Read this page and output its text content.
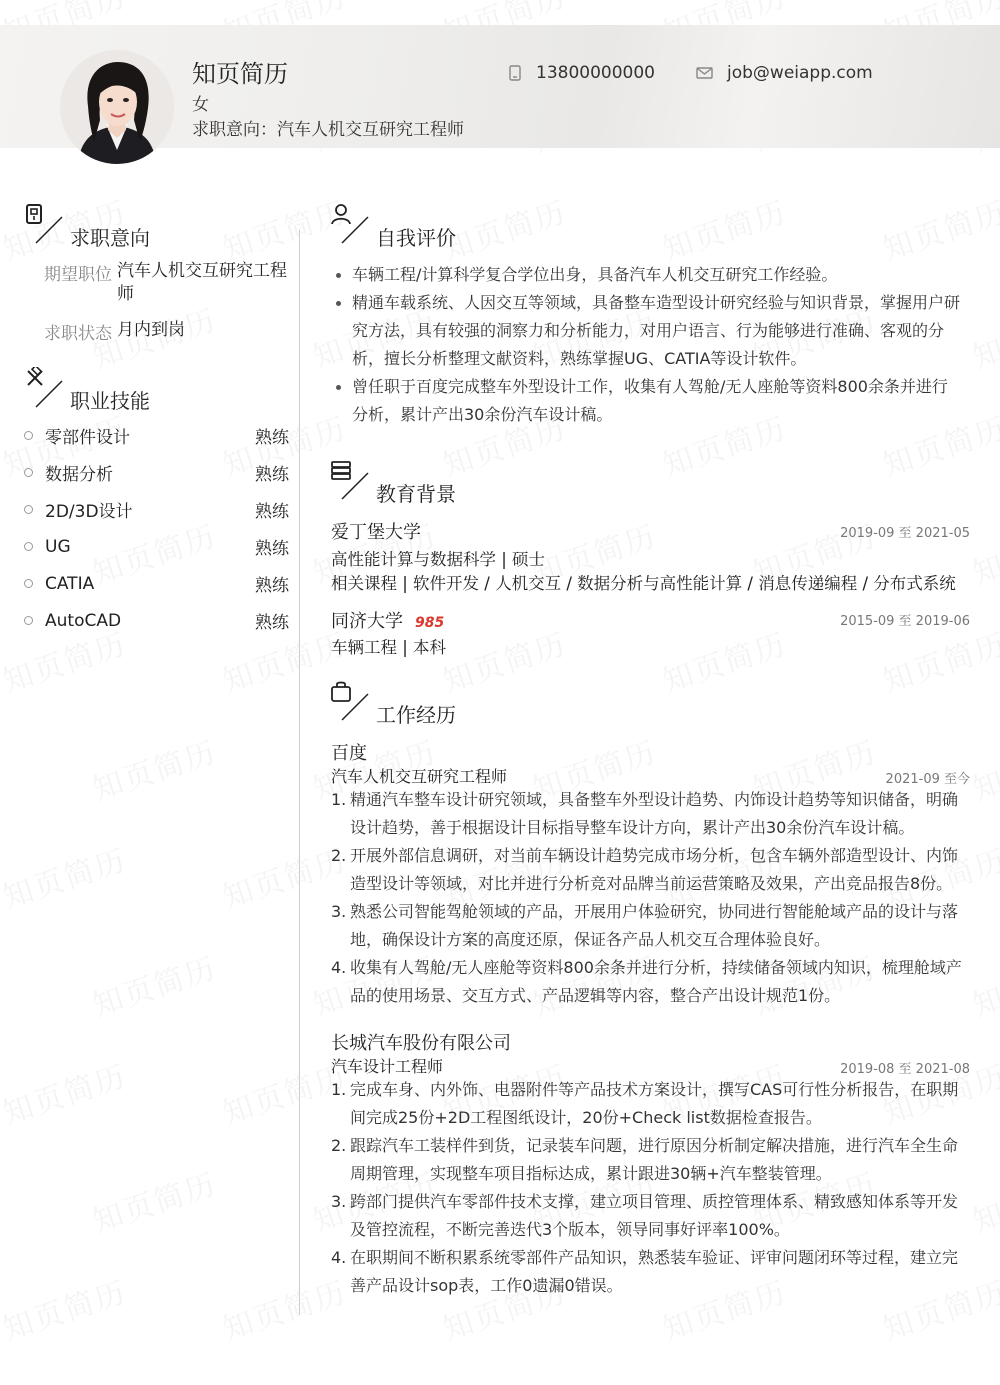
知页简历
女
求职意向：汽车人机交互研究工程师
13800000000	job@weiapp.com
求职意向
期望职位 汽车人机交互研究工程师
求职状态 月内到岗
职业技能
零部件设计	熟练
数据分析	熟练
2D/3D设计	熟练
UG	熟练
CATIA	熟练
AutoCAD	熟练
自我评价
车辆工程/计算科学复合学位出身，具备汽车人机交互研究工作经验。
精通车载系统、人因交互等领域，具备整车造型设计研究经验与知识背景，掌握用户研究方法，具有较强的洞察力和分析能力，对用户语言、行为能够进行准确、客观的分析，擅长分析整理文献资料，熟练掌握UG、CATIA等设计软件。
曾任职于百度完成整车外型设计工作，收集有人驾舱/无人座舱等资料800余条并进行分析，累计产出30余份汽车设计稿。
教育背景
爱丁堡大学	2019-09 至 2021-05
高性能计算与数据科学 | 硕士
相关课程 | 软件开发 / 人机交互 / 数据分析与高性能计算 / 消息传递编程 / 分布式系统
同济大学 985	2015-09 至 2019-06
车辆工程 | 本科
工作经历
百度
汽车人机交互研究工程师	2021-09 至今
1. 精通汽车整车设计研究领域，具备整车外型设计趋势、内饰设计趋势等知识储备，明确设计趋势，善于根据设计目标指导整车设计方向，累计产出30余份汽车设计稿。
2. 开展外部信息调研，对当前车辆设计趋势完成市场分析，包含车辆外部造型设计、内饰造型设计等领域，对比并进行分析竞对品牌当前运营策略及效果，产出竞品报告8份。
3. 熟悉公司智能驾舱领域的产品，开展用户体验研究，协同进行智能舱域产品的设计与落地，确保设计方案的高度还原，保证各产品人机交互合理体验良好。
4. 收集有人驾舱/无人座舱等资料800余条并进行分析，持续储备领域内知识，梳理舱域产品的使用场景、交互方式、产品逻辑等内容，整合产出设计规范1份。
长城汽车股份有限公司
汽车设计工程师	2019-08 至 2021-08
1. 完成车身、内外饰、电器附件等产品技术方案设计，撰写CAS可行性分析报告，在职期间完成25份+2D工程图纸设计，20份+Check list数据检查报告。
2. 跟踪汽车工装样件到货，记录装车问题，进行原因分析制定解决措施，进行汽车全生命周期管理，实现整车项目指标达成，累计跟进30辆+汽车整装管理。
3. 跨部门提供汽车零部件技术支撑，建立项目管理、质控管理体系、精致感知体系等开发及管控流程，不断完善迭代3个版本，领导同事好评率100%。
4. 在职期间不断积累系统零部件产品知识，熟悉装车验证、评审问题闭环等过程，建立完善产品设计sop表，工作0遗漏0错误。
